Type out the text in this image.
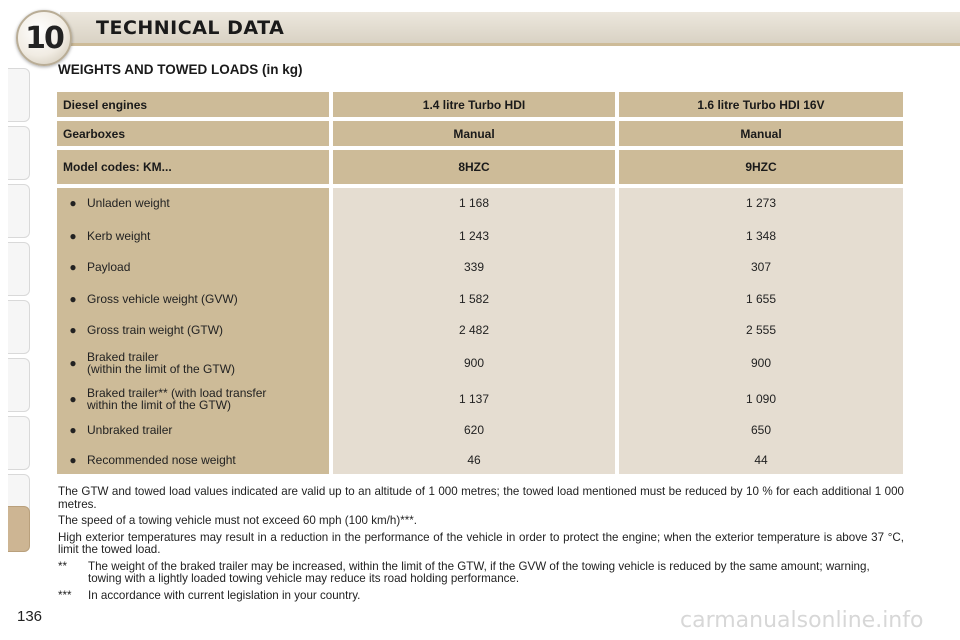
10 TECHNICAL DATA
WEIGHTS AND TOWED LOADS (in kg)
Diesel engines	1.4 litre Turbo HDI	1.6 litre Turbo HDI 16V
Gearboxes	Manual	Manual
Model codes: KM...	8HZC	9HZC
● Unladen weight	1 168	1 273
● Kerb weight	1 243	1 348
● Payload	339	307
● Gross vehicle weight (GVW)	1 582	1 655
● Gross train weight (GTW)	2 482	2 555
● Braked trailer
(within the limit of the GTW)	900	900
● Braked trailer** (with load transfer
within the limit of the GTW)	1 137	1 090
● Unbraked trailer	620	650
● Recommended nose weight	46	44

The GTW and towed load values indicated are valid up to an altitude of 1 000 metres; the towed load mentioned must be reduced by 10 % for each additional 1 000 metres.

The speed of a towing vehicle must not exceed 60 mph (100 km/h)***.

High exterior temperatures may result in a reduction in the performance of the vehicle in order to protect the engine; when the exterior temperature is above 37 °C, limit the towed load.

**	The weight of the braked trailer may be increased, within the limit of the GTW, if the GVW of the towing vehicle is reduced by the same amount; warning, towing with a lightly loaded towing vehicle may reduce its road holding performance.
***	In accordance with current legislation in your country.
136	carmanualsonline.info
